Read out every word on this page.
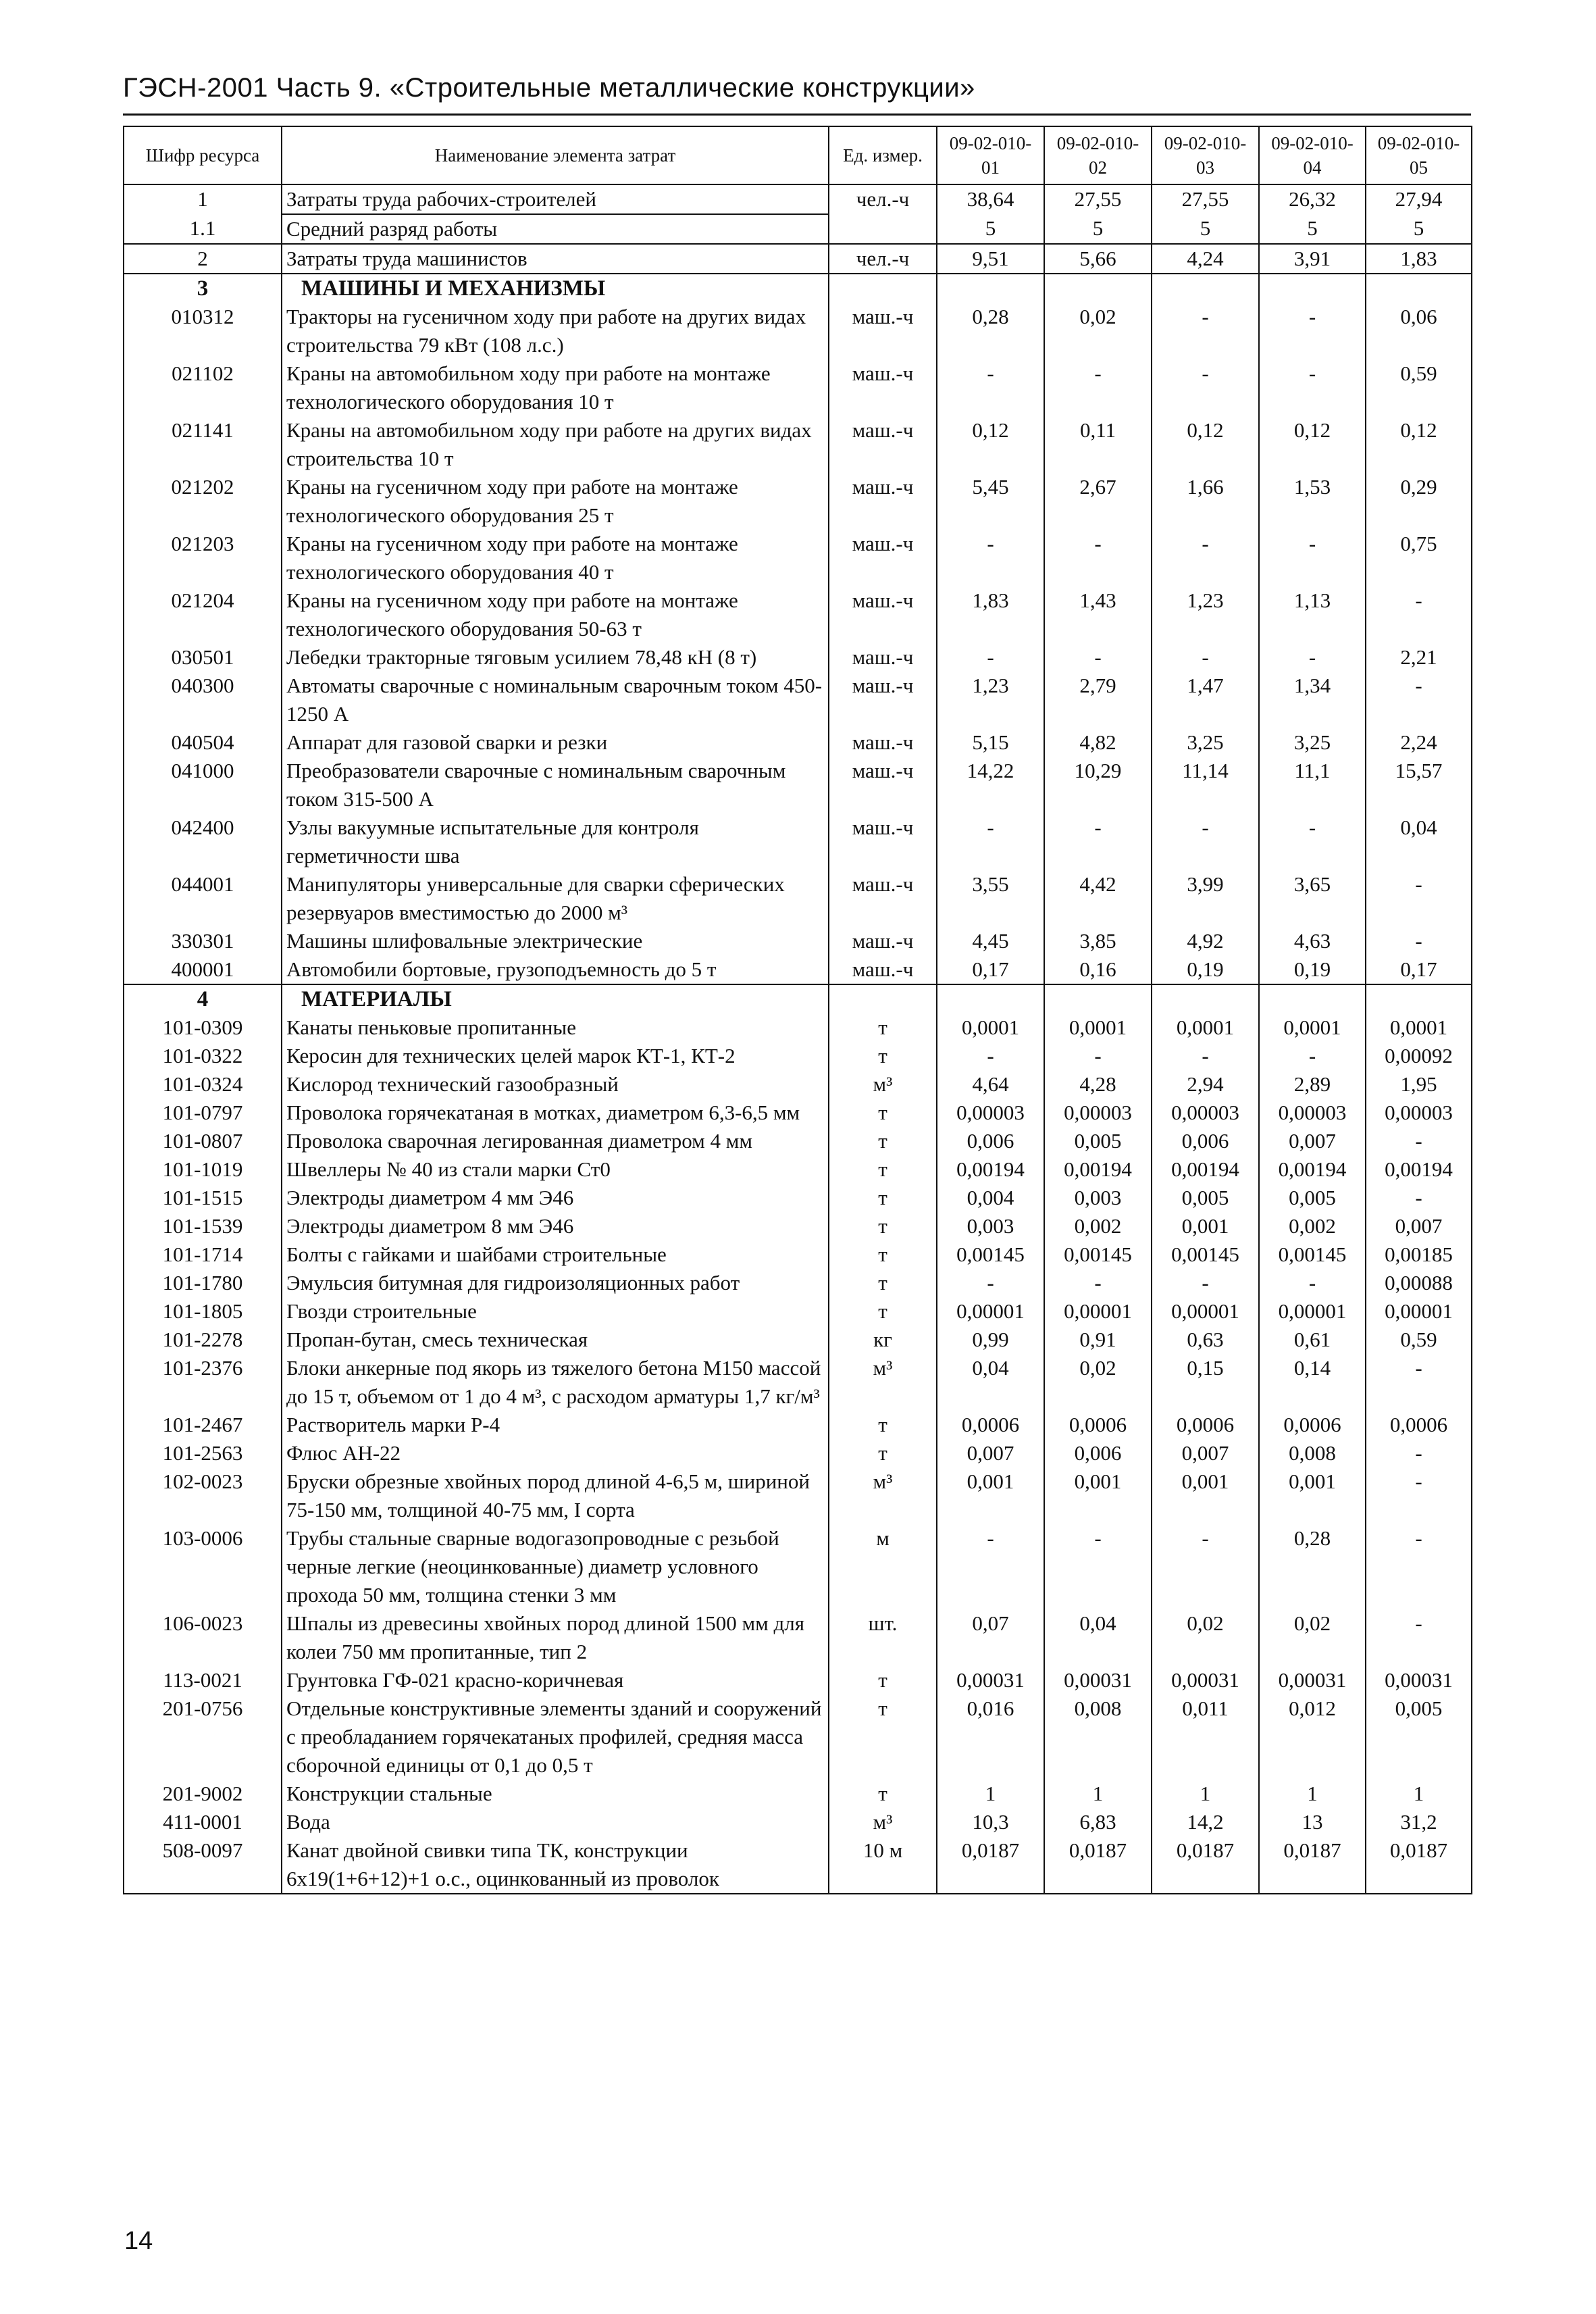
ГЭСН-2001 Часть 9. «Строительные металлические конструкции»
Шифр ресурса	Наименование элемента затрат	Ед. измер.	09-02-010-01	09-02-010-02	09-02-010-03	09-02-010-04	09-02-010-05
1	Затраты труда рабочих-строителей	чел.-ч	38,64	27,55	27,55	26,32	27,94
1.1	Средний разряд работы		5	5	5	5	5
2	Затраты труда машинистов	чел.-ч	9,51	5,66	4,24	3,91	1,83
3	МАШИНЫ И МЕХАНИЗМЫ						
010312	Тракторы на гусеничном ходу при работе на других видах строительства 79 кВт (108 л.с.)	маш.-ч	0,28	0,02	-	-	0,06
021102	Краны на автомобильном ходу при работе на монтаже технологического оборудования 10 т	маш.-ч	-	-	-	-	0,59
021141	Краны на автомобильном ходу при работе на других видах строительства 10 т	маш.-ч	0,12	0,11	0,12	0,12	0,12
021202	Краны на гусеничном ходу при работе на монтаже технологического оборудования 25 т	маш.-ч	5,45	2,67	1,66	1,53	0,29
021203	Краны на гусеничном ходу при работе на монтаже технологического оборудования 40 т	маш.-ч	-	-	-	-	0,75
021204	Краны на гусеничном ходу при работе на монтаже технологического оборудования 50-63 т	маш.-ч	1,83	1,43	1,23	1,13	-
030501	Лебедки тракторные тяговым усилием 78,48 кН (8 т)	маш.-ч	-	-	-	-	2,21
040300	Автоматы сварочные с номинальным сварочным током 450-1250 А	маш.-ч	1,23	2,79	1,47	1,34	-
040504	Аппарат для газовой сварки и резки	маш.-ч	5,15	4,82	3,25	3,25	2,24
041000	Преобразователи сварочные с номинальным сварочным током 315-500 А	маш.-ч	14,22	10,29	11,14	11,1	15,57
042400	Узлы вакуумные испытательные для контроля герметичности шва	маш.-ч	-	-	-	-	0,04
044001	Манипуляторы универсальные для сварки сферических резервуаров вместимостью до 2000 м³	маш.-ч	3,55	4,42	3,99	3,65	-
330301	Машины шлифовальные электрические	маш.-ч	4,45	3,85	4,92	4,63	-
400001	Автомобили бортовые, грузоподъемность до 5 т	маш.-ч	0,17	0,16	0,19	0,19	0,17
4	МАТЕРИАЛЫ						
101-0309	Канаты пеньковые пропитанные	т	0,0001	0,0001	0,0001	0,0001	0,0001
101-0322	Керосин для технических целей марок КТ-1, КТ-2	т	-	-	-	-	0,00092
101-0324	Кислород технический газообразный	м³	4,64	4,28	2,94	2,89	1,95
101-0797	Проволока горячекатаная в мотках, диаметром 6,3-6,5 мм	т	0,00003	0,00003	0,00003	0,00003	0,00003
101-0807	Проволока сварочная легированная диаметром 4 мм	т	0,006	0,005	0,006	0,007	-
101-1019	Швеллеры № 40 из стали марки Ст0	т	0,00194	0,00194	0,00194	0,00194	0,00194
101-1515	Электроды диаметром 4 мм Э46	т	0,004	0,003	0,005	0,005	-
101-1539	Электроды диаметром 8 мм Э46	т	0,003	0,002	0,001	0,002	0,007
101-1714	Болты с гайками и шайбами строительные	т	0,00145	0,00145	0,00145	0,00145	0,00185
101-1780	Эмульсия битумная для гидроизоляционных работ	т	-	-	-	-	0,00088
101-1805	Гвозди строительные	т	0,00001	0,00001	0,00001	0,00001	0,00001
101-2278	Пропан-бутан, смесь техническая	кг	0,99	0,91	0,63	0,61	0,59
101-2376	Блоки анкерные под якорь из тяжелого бетона М150 массой до 15 т, объемом от 1 до 4 м³, с расходом арматуры 1,7 кг/м³	м³	0,04	0,02	0,15	0,14	-
101-2467	Растворитель марки Р-4	т	0,0006	0,0006	0,0006	0,0006	0,0006
101-2563	Флюс АН-22	т	0,007	0,006	0,007	0,008	-
102-0023	Бруски обрезные хвойных пород длиной 4-6,5 м, шириной 75-150 мм, толщиной 40-75 мм, I сорта	м³	0,001	0,001	0,001	0,001	-
103-0006	Трубы стальные сварные водогазопроводные с резьбой черные легкие (неоцинкованные) диаметр условного прохода 50 мм, толщина стенки 3 мм	м	-	-	-	0,28	-
106-0023	Шпалы из древесины хвойных пород длиной 1500 мм для колеи 750 мм пропитанные, тип 2	шт.	0,07	0,04	0,02	0,02	-
113-0021	Грунтовка ГФ-021 красно-коричневая	т	0,00031	0,00031	0,00031	0,00031	0,00031
201-0756	Отдельные конструктивные элементы зданий и сооружений с преобладанием горячекатаных профилей, средняя масса сборочной единицы от 0,1 до 0,5 т	т	0,016	0,008	0,011	0,012	0,005
201-9002	Конструкции стальные	т	1	1	1	1	1
411-0001	Вода	м³	10,3	6,83	14,2	13	31,2
508-0097	Канат двойной свивки типа ТК, конструкции 6х19(1+6+12)+1 о.с., оцинкованный из проволок	10 м	0,0187	0,0187	0,0187	0,0187	0,0187
14
